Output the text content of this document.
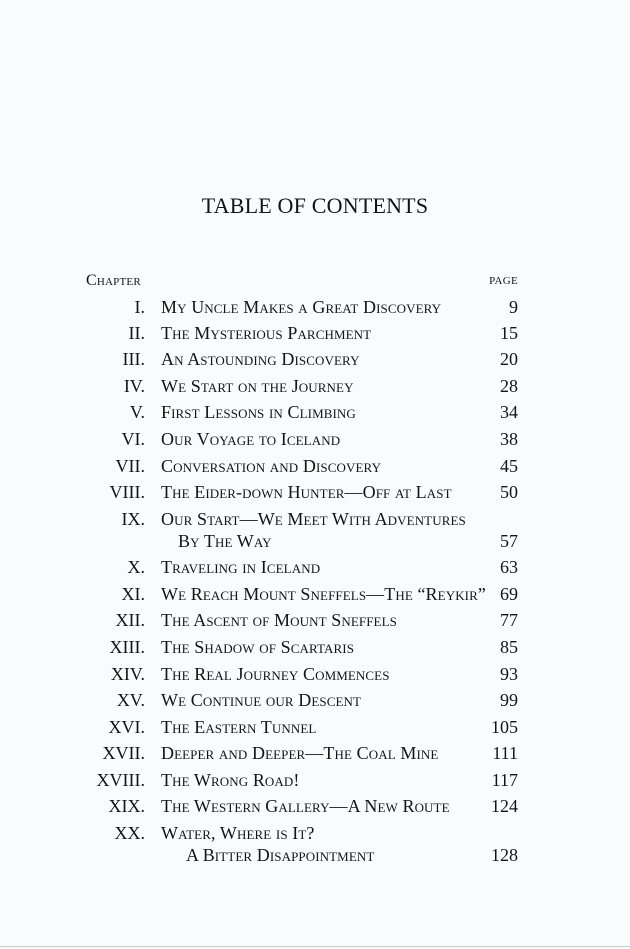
TABLE OF CONTENTS
Chapter	page
I. My Uncle Makes a Great Discovery	9
II. The Mysterious Parchment	15
III. An Astounding Discovery	20
IV. We Start on the Journey	28
V. First Lessons in Climbing	34
VI. Our Voyage to Iceland	38
VII. Conversation and Discovery	45
VIII. The Eider-down Hunter—Off at Last	50
IX. Our Start—We Meet With Adventures
By The Way	57
X. Traveling in Iceland	63
XI. We Reach Mount Sneffels—The “Reykir” 69
XII. The Ascent of Mount Sneffels	77
XIII. The Shadow of Scartaris	85
XIV. The Real Journey Commences	93
XV. We Continue our Descent	99
XVI. The Eastern Tunnel	105
XVII. Deeper and Deeper—The Coal Mine	111
XVIII. The Wrong Road!	117
XIX. The Western Gallery—A New Route 124
XX. Water, Where is It?
A Bitter Disappointment	128
